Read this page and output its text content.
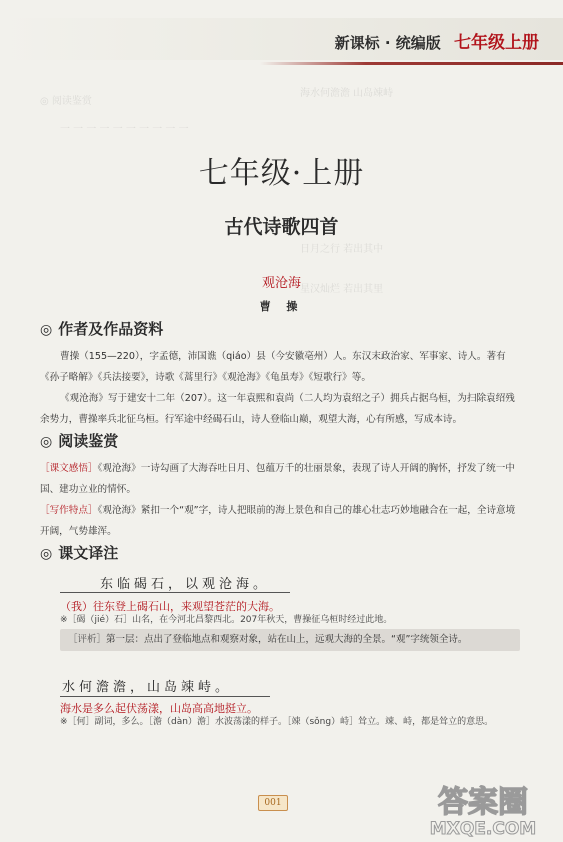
◎ 阅读鉴赏
海水何澹澹 山岛竦峙
一 一 一 一 一 一 一 一 一 一
日月之行 若出其中
星汉灿烂 若出其里
新课标 · 统编版 七年级上册
七年级·上册
古代诗歌四首
观沧海
曹 操
◎ 作者及作品资料

曹操（155—220），字孟德，沛国谯（qiáo）县（今安徽亳州）人。东汉末政治家、军事家、诗人。著有《孙子略解》《兵法接要》，诗歌《蒿里行》《观沧海》《龟虽寿》《短歌行》等。

《观沧海》写于建安十二年（207）。这一年袁熙和袁尚（二人均为袁绍之子）拥兵占据乌桓，为扫除袁绍残余势力，曹操率兵北征乌桓。行军途中经碣石山，诗人登临山巅，观望大海，心有所感，写成本诗。

◎ 阅读鉴赏

［课文感悟］《观沧海》一诗勾画了大海吞吐日月、包蕴万千的壮丽景象，表现了诗人开阔的胸怀，抒发了统一中国、建功立业的情怀。

［写作特点］《观沧海》紧扣一个“观”字，诗人把眼前的海上景色和自己的雄心壮志巧妙地融合在一起，全诗意境开阔，气势雄浑。

◎ 课文译注
东临碣石，以观沧海。
（我）往东登上碣石山，来观望苍茫的大海。
※［碣（jié）石］山名，在今河北昌黎西北。207年秋天，曹操征乌桓时经过此地。
［评析］第一层：点出了登临地点和观察对象，站在山上，远观大海的全景。“观”字统领全诗。
水何澹澹，山岛竦峙。
海水是多么起伏荡漾，山岛高高地挺立。
※［何］副词，多么。［澹（dàn）澹］水波荡漾的样子。［竦（sǒng）峙］耸立。竦、峙，都是耸立的意思。
001	答案圈
MXQE.COM
